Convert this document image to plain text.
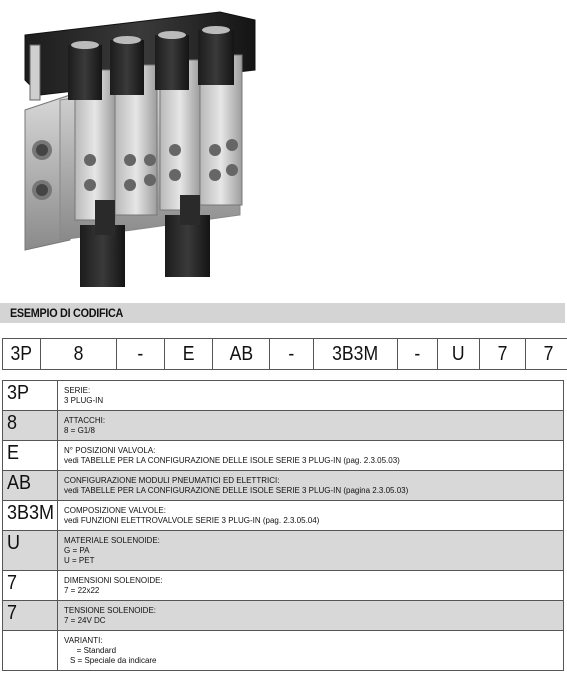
ESEMPIO DI CODIFICA
3P	8	-	E	AB	-	3B3M	-	U	7	7	
3P	SERIE:
3 PLUG-IN

8	ATTACCHI:
8 = G1/8

E	N° POSIZIONI VALVOLA:
vedi TABELLE PER LA CONFIGURAZIONE DELLE ISOLE SERIE 3 PLUG-IN (pag. 2.3.05.03)

AB	CONFIGURAZIONE MODULI PNEUMATICI ED ELETTRICI:
vedi TABELLE PER LA CONFIGURAZIONE DELLE ISOLE SERIE 3 PLUG-IN (pagina 2.3.05.03)

3B3M	COMPOSIZIONE VALVOLE:
vedi FUNZIONI ELETTROVALVOLE SERIE 3 PLUG-IN (pag. 2.3.05.04)

U	MATERIALE SOLENOIDE:
G = PA
U = PET

7	DIMENSIONI SOLENOIDE:
7 = 22x22

7	TENSIONE SOLENOIDE:
7 = 24V DC

	VARIANTI:
= Standard
S = Speciale da indicare
